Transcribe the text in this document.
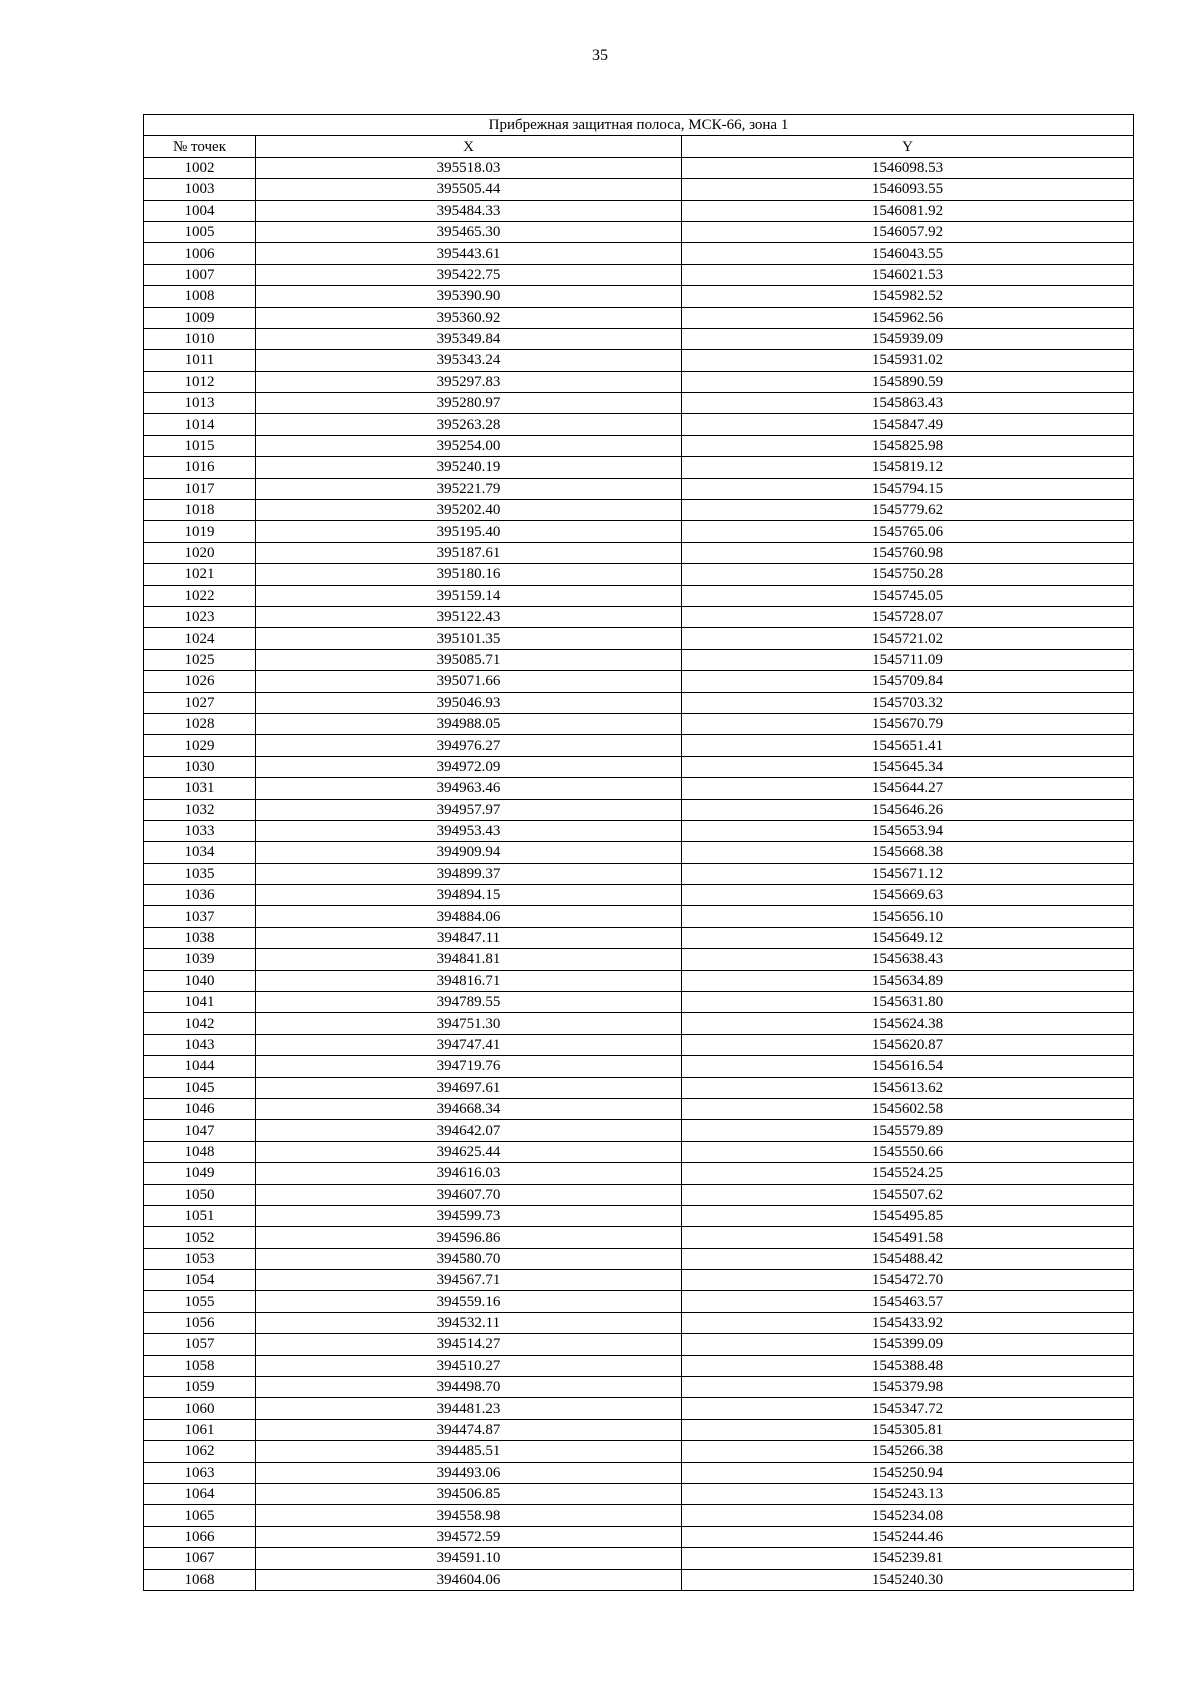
35
Прибрежная защитная полоса, МСК-66, зона 1		
№ точек	X	Y
1002	395518.03	1546098.53
1003	395505.44	1546093.55
1004	395484.33	1546081.92
1005	395465.30	1546057.92
1006	395443.61	1546043.55
1007	395422.75	1546021.53
1008	395390.90	1545982.52
1009	395360.92	1545962.56
1010	395349.84	1545939.09
1011	395343.24	1545931.02
1012	395297.83	1545890.59
1013	395280.97	1545863.43
1014	395263.28	1545847.49
1015	395254.00	1545825.98
1016	395240.19	1545819.12
1017	395221.79	1545794.15
1018	395202.40	1545779.62
1019	395195.40	1545765.06
1020	395187.61	1545760.98
1021	395180.16	1545750.28
1022	395159.14	1545745.05
1023	395122.43	1545728.07
1024	395101.35	1545721.02
1025	395085.71	1545711.09
1026	395071.66	1545709.84
1027	395046.93	1545703.32
1028	394988.05	1545670.79
1029	394976.27	1545651.41
1030	394972.09	1545645.34
1031	394963.46	1545644.27
1032	394957.97	1545646.26
1033	394953.43	1545653.94
1034	394909.94	1545668.38
1035	394899.37	1545671.12
1036	394894.15	1545669.63
1037	394884.06	1545656.10
1038	394847.11	1545649.12
1039	394841.81	1545638.43
1040	394816.71	1545634.89
1041	394789.55	1545631.80
1042	394751.30	1545624.38
1043	394747.41	1545620.87
1044	394719.76	1545616.54
1045	394697.61	1545613.62
1046	394668.34	1545602.58
1047	394642.07	1545579.89
1048	394625.44	1545550.66
1049	394616.03	1545524.25
1050	394607.70	1545507.62
1051	394599.73	1545495.85
1052	394596.86	1545491.58
1053	394580.70	1545488.42
1054	394567.71	1545472.70
1055	394559.16	1545463.57
1056	394532.11	1545433.92
1057	394514.27	1545399.09
1058	394510.27	1545388.48
1059	394498.70	1545379.98
1060	394481.23	1545347.72
1061	394474.87	1545305.81
1062	394485.51	1545266.38
1063	394493.06	1545250.94
1064	394506.85	1545243.13
1065	394558.98	1545234.08
1066	394572.59	1545244.46
1067	394591.10	1545239.81
1068	394604.06	1545240.30
